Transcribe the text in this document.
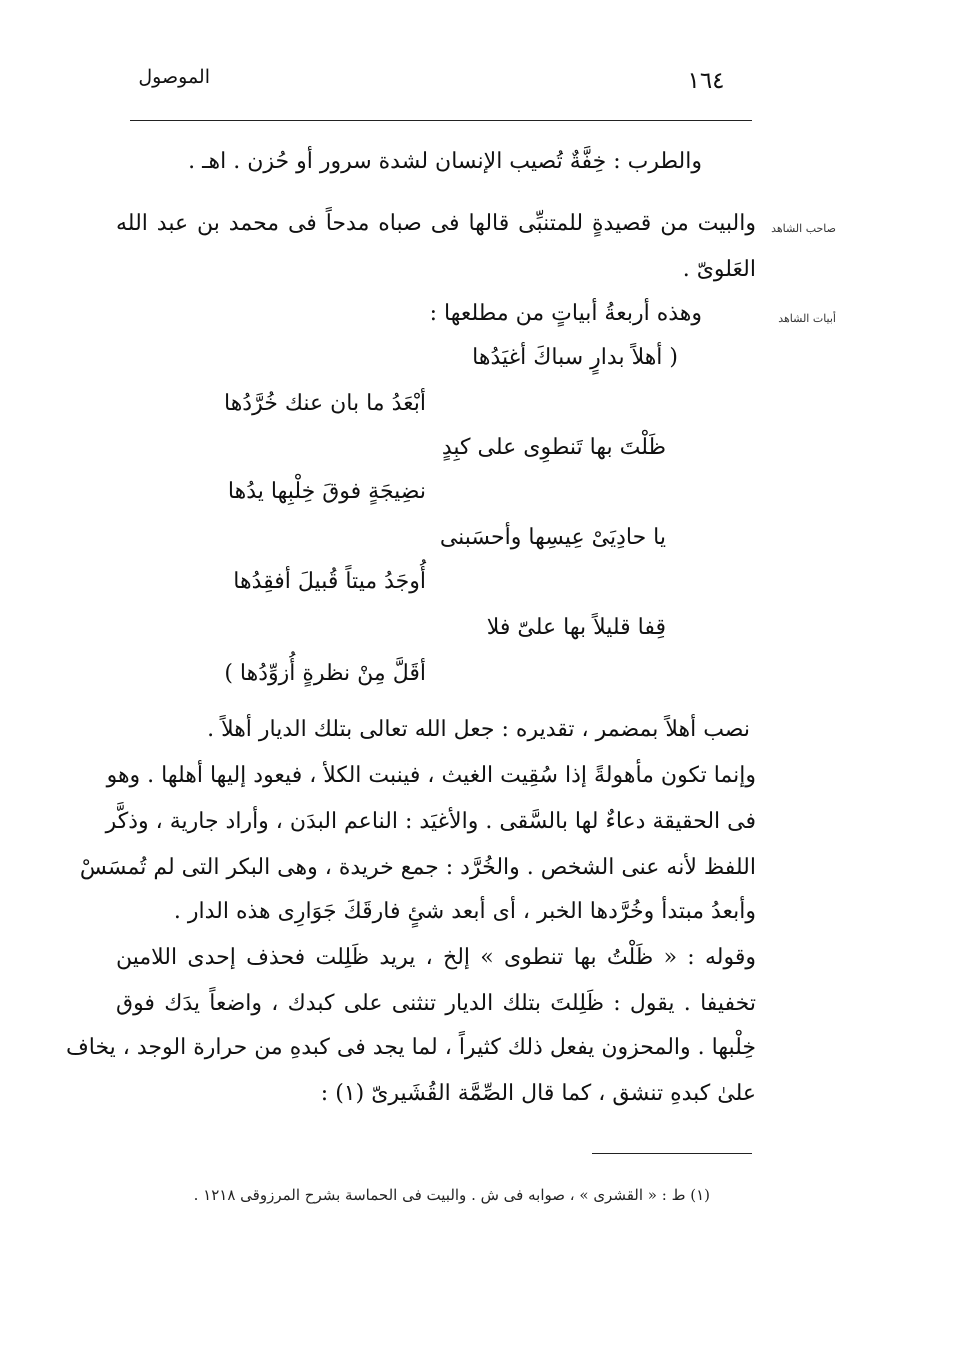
١٦٤
الموصول
والطرب : خِفَّةٌ تُصيب الإنسان لشدة سرور أو حُزن . اهـ .
صاحب الشاهد
والبيت من قصيدةٍ للمتنبِّى قالها فى صباه مدحاً فى محمد بن عبد الله
العَلوىّ .
أبيات الشاهد
وهذه أربعةُ أبياتٍ من مطلعها :
( أهلاً بدارٍ سباكَ أغيَدُها
أبْعَدُ ما بان عنك خُرَّدُها
ظَلْتَ بها تَنطوِى على كبِدٍ
نضِيجَةٍ فوقَ خِلْبِها يدُها
يا حادِيَىْ عِيسِها وأحسَبنى
أُوجَدُ ميتاً قُبيلَ أفقِدُها
قِفا قليلاً بها علىّ فلا
أقَلَّ مِنْ نظرةٍ أُزوِّدُها )
نصب أهلاً بمضمر ، تقديره : جعل الله تعالى بتلك الديار أهلاً .
وإنما تكون مأهولةً إذا سُقِيت الغيث ، فينبت الكلأ ، فيعود إليها أهلها . وهو
فى الحقيقة دعاءٌ لها بالسَّقى . والأغيَد : الناعم البدَن ، وأراد جارية ، وذكَّر
اللفظ لأنه عنى الشخص . والخُرَّد : جمع خريدة ، وهى البكر التى لم تُمسَسْ
وأبعدُ مبتدأ وخُرَّدها الخبر ، أى أبعد شئٍ فارقَكَ جَوَارِى هذه الدار .
وقوله : « ظَلْتُ بها تنطوى » إلخ ، يريد ظَلِلت فحذف إحدى اللامين
تخفيفا . يقول : ظَلِلتَ بتلك الديار تنثنى على كبدك ، واضعاً يدَك فوق
خِلْبها . والمحزون يفعل ذلك كثيراً ، لما يجد فى كبدهِ من حرارة الوجد ، يخاف
علىٰ كبدهِ تنشق ، كما قال الصِّمَّة القُشَيرىّ (١) :
(١) ط : « القشرى » ، صوابه فى ش . والبيت فى الحماسة بشرح المرزوقى ١٢١٨ .
